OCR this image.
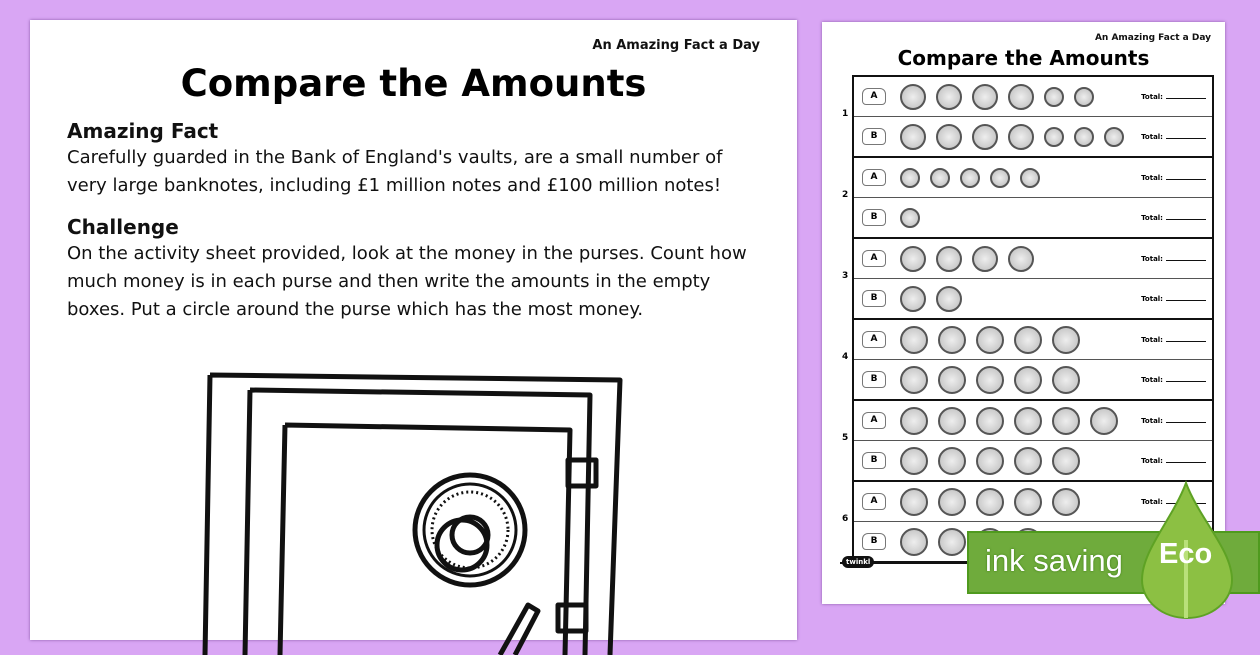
An Amazing Fact a Day
Compare the Amounts
Amazing Fact
Carefully guarded in the Bank of England's vaults, are a small number of very large banknotes, including £1 million notes and £100 million notes!
Challenge
On the activity sheet provided, look at the money in the purses. Count how much money is in each purse and then write the amounts in the empty boxes. Put a circle around the purse which has the most money.
An Amazing Fact a Day
Compare the Amounts
A	Total:
1
B	Total:
A	Total:
2
B	Total:
A	Total:
3
B	Total:
A	Total:
4
B	Total:
A	Total:
5
B	Total:
A	Total:
6
B
twinkl	ink saving Eco
